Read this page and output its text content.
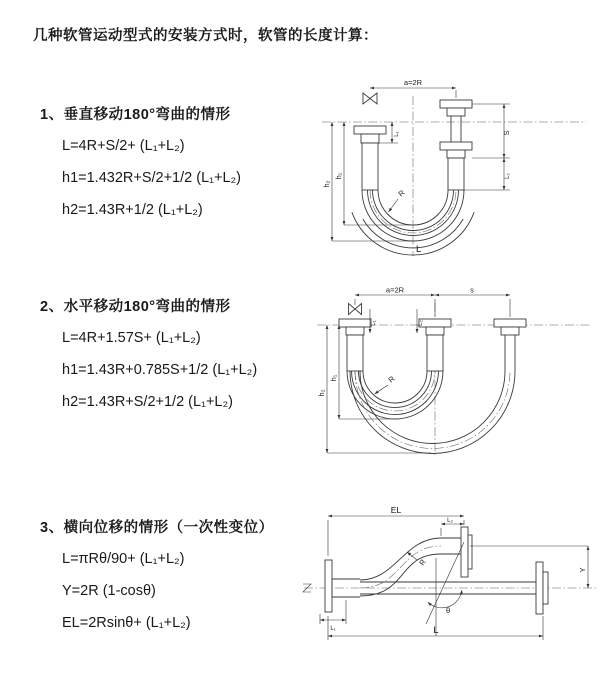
几种软管运动型式的安装方式时，软管的长度计算：
1、垂直移动180°弯曲的情形
L=4R+S/2+ (L₁+L₂)
h1=1.432R+S/2+1/2 (L₁+L₂)
h2=1.43R+1/2 (L₁+L₂)
2、水平移动180°弯曲的情形
L=4R+1.57S+ (L₁+L₂)
h1=1.43R+0.785S+1/2 (L₁+L₂)
h2=1.43R+S/2+1/2 (L₁+L₂)
3、横向位移的情形（一次性变位）
L=πRθ/90+ (L₁+L₂)
Y=2R (1-cosθ)
EL=2Rsinθ+ (L₁+L₂)
a=2R
h₂
h₁
L₁	S
L₂
R
L
a=2R	s
L₁	L₂
h₂
h₁	R
EL
L₂
Y
L
L₁
R
θ
